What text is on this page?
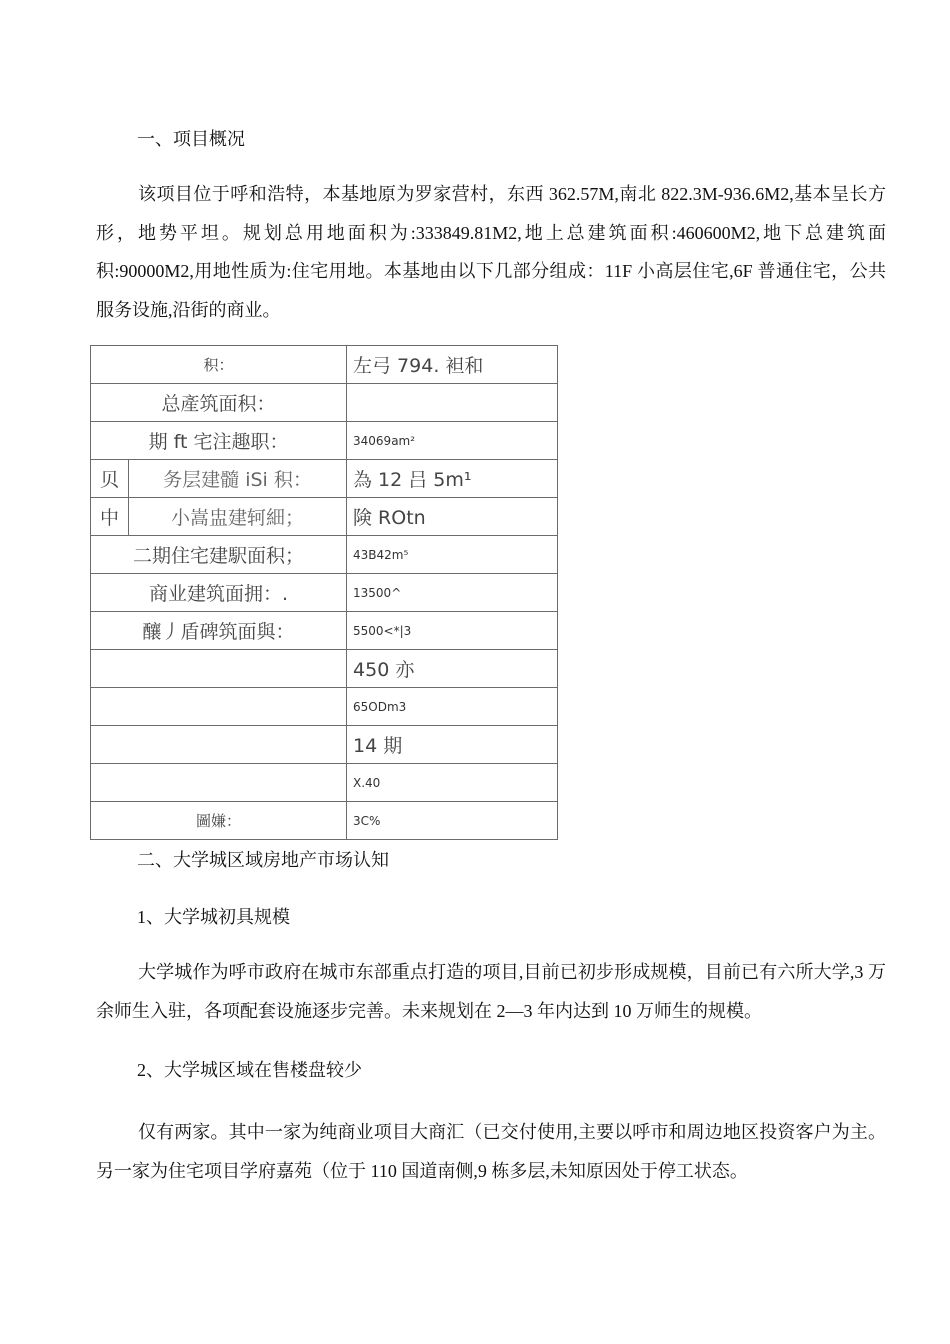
一、项目概况

该项目位于呼和浩特，本基地原为罗家营村，东西 362.57M,南北 822.3M-936.6M2,基本呈长方形，地势平坦。规划总用地面积为:333849.81M2,地上总建筑面积:460600M2,地下总建筑面积:90000M2,用地性质为:住宅用地。本基地由以下几部分组成：11F 小高层住宅,6F 普通住宅，公共服务设施,沿街的商业。

积：		左弓 794. 袒和
总產筑面积：		
期 ft 宅注趣职：		34069am²
贝	务层建髓 iSi 积：	為 12 吕 5m¹
中	小嵩盅建轲細；	険 ROtn
二期住宅建駅面积；		43B42m⁵
商业建筑面拥：.		13500^
釀丿盾碑筑面與：		5500<*|3
		450 亦
		65ODm3
		14 期
		X.40
圖嫌：		3C%
二、大学城区域房地产市场认知
1、大学城初具规模

大学城作为呼市政府在城市东部重点打造的项目,目前已初步形成规模，目前已有六所大学,3 万余师生入驻，各项配套设施逐步完善。未来规划在 2—3 年内达到 10 万师生的规模。

2、大学城区域在售楼盘较少

仅有两家。其中一家为纯商业项目大商汇（已交付使用,主要以呼市和周边地区投资客户为主。另一家为住宅项目学府嘉苑（位于 110 国道南侧,9 栋多层,未知原因处于停工状态。
